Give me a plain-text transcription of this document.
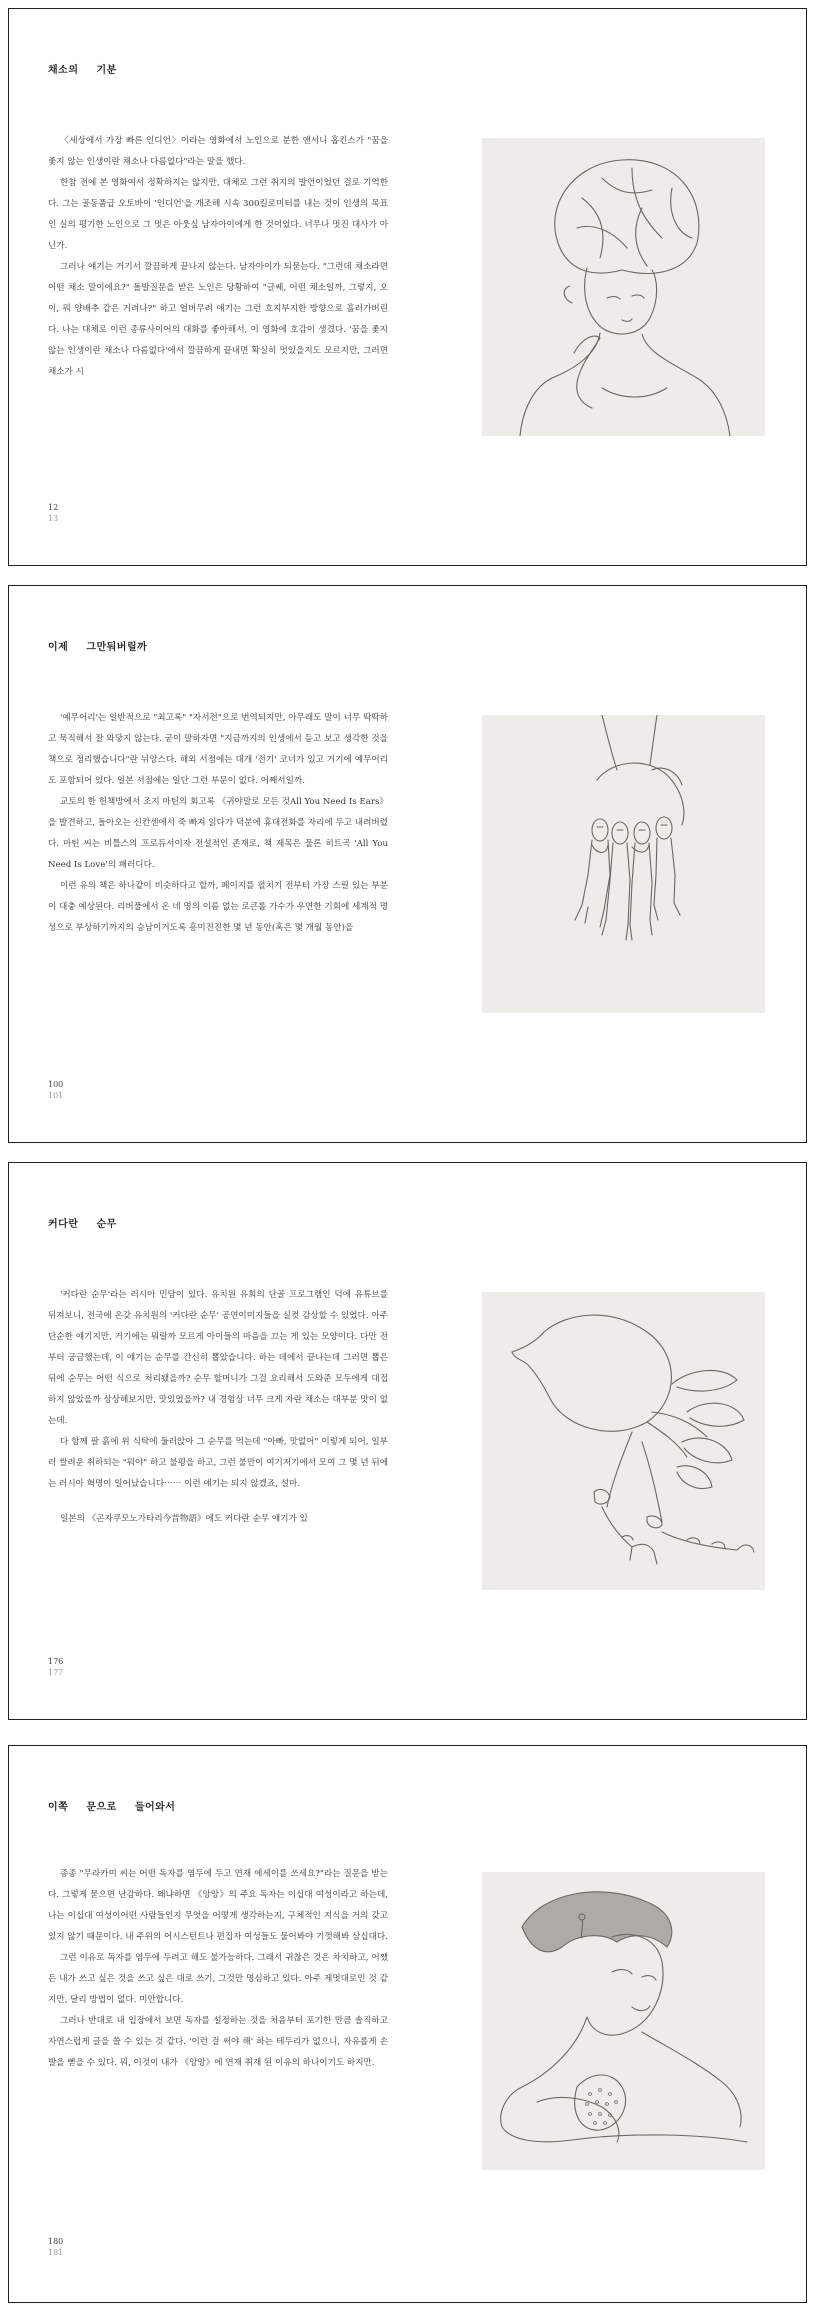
채소의 기분

〈세상에서 가장 빠른 인디언〉이라는 영화에서 노인으로 분한 앤서니 홉킨스가 "꿈을 좇지 않는 인생이란 채소나 다름없다"라는 말을 했다.

한참 전에 본 영화여서 정확하지는 않지만, 대체로 그런 취지의 발언이었던 걸로 기억한다. 그는 골동품급 오토바이 '인디언'을 개조해 시속 300킬로미터를 내는 것이 인생의 목표인 실의 평기한 노인으로 그 멋은 아웃싶 남자아이에게 한 것이었다. 너무나 멋진 대사가 아닌가.

그러나 얘기는 거기서 깔끔하게 끝나지 않는다. 남자아이가 되묻는다. "그런데 채소라면 어떤 채소 말이에요?" 돌발질문을 받은 노인은 당황하여 "글쎄, 어떤 채소일까, 그렇지, 오이, 뭐 양배추 같은 거려나?" 하고 얼버무려 얘기는 그런 흐지부지한 방향으로 흘러가버린다. 나는 대체로 이런 종류사이어의 대화를 좋아해서, 이 영화에 호감이 생겼다. '꿈을 좇지 않는 인생이란 채소나 다름없다'에서 깔끔하게 끝내면 확실히 멋있을지도 모르지만, 그러면 채소가 시

12
13
이제 그만둬버릴까

'예무어리'는 일반적으로 "최고록" "자서전"으로 번역되지만, 아무래도 말이 너무 딱딱하고 묵직해서 잘 와닿지 않는다. 굳이 말하자면 "지금까지의 인생에서 듣고 보고 생각한 것을 책으로 정리했습니다"란 뉘앙스다. 해외 서점에는 대개 '전기' 코너가 있고 거기에 예무어리도 포함되어 있다. 일본 서점에는 일단 그런 부문이 없다. 어째서일까.

교토의 한 헌책방에서 조지 마틴의 회고록 《귀야말로 모든 것All You Need Is Ears》을 발견하고, 돌아오는 신칸센에서 죽 빠져 읽다가 덕분에 휴대전화를 자리에 두고 내려버렸다. 마틴 씨는 비틀스의 프로듀서이자 전설적인 존재로, 책 제목은 물론 히트곡 'All You Need Is Love'의 패러디다.

이런 유의 책은 하나같이 비슷하다고 할까, 페이지를 펼치기 전부터 가장 스릴 있는 부분이 대충 예상된다. 리버풀에서 온 네 명의 이름 없는 로큰롤 가수가 우연한 기회에 세계적 명성으로 부상하기까지의 승남이거도록 흥미진진한 몇 년 동안(혹은 몇 개월 동안)을

100
101
커다란 순무

'커다란 순무'라는 러시아 민담이 있다. 유치원 유희의 단골 프로그램인 덕에 유튜브를 뒤져보니, 전국에 온갖 유치원의 '커다란 순무' 공연이미지들을 실컷 감상할 수 있었다. 아주 단순한 얘기지만, 거기에는 뭐랄까 모르게 아이들의 마음을 끄는 게 있는 모양이다. 다만 전부터 궁금했는데, 이 얘기는 순무를 간신히 뽑았습니다. 하는 데에서 끝나는데 그러면 뽑은 뒤에 순무는 어떤 식으로 처리됐을까? 순무 할머니가 그걸 요리해서 도와준 모두에게 대접하지 않았을까 상상해보지만, 맛있었을까? 내 경험상 너무 크게 자란 채소는 대부분 맛이 없는데.

다 함께 팔 흙에 위 식탁에 둘러앉아 그 순무를 먹는데 "아빠, 맛없어" 이렇게 되어, 일부러 쌀려운 취하되는 "뭐야" 하고 불평을 하고, 그런 불만이 여기저기에서 모여 그 몇 년 뒤에는 러시아 혁명이 일어났습니다⋯⋯ 이런 얘기는 되지 않겠죠, 설마.

일본의 《곤자쿠모노가타리今昔物語》에도 커다란 순무 얘기가 있

176
177
이쪽 문으로 들어와서

종종 "무라카미 씨는 어떤 독자를 염두에 두고 연재 에세이를 쓰세요?"라는 질문을 받는다. 그렇게 묻으면 난감하다. 왜냐하면 《앙앙》의 주요 독자는 이십대 여성이라고 하는데, 나는 이십대 여성이어떤 사람들인지 무엇을 어떻게 생각하는지, 구체적인 지식을 거의 갖고 있지 않기 때문이다. 내 주위의 어시스턴트나 편집자 여성들도 물어봐야 기껏해봐 삼십대다.

그런 이유로 독자를 염두에 두려고 해도 불가능하다. 그래서 귀찮은 것은 차치하고, 어쨌든 내가 쓰고 싶은 것을 쓰고 싶은 대로 쓰기, 그것만 명심하고 있다. 아주 제멋대로인 것 같지만, 달리 방법이 없다. 미안합니다.

그러나 반대로 내 입장에서 보면 독자를 설정하는 것을 처음부터 포기한 만큼 솔직하고 자연스럽게 글을 쓸 수 있는 것 같다. '이런 걸 써야 해' 하는 테두리가 없으니, 자유롭게 손발을 뻗을 수 있다. 뭐, 이것이 내가 《앙앙》에 연재 취재 된 이유의 하나이기도 하지만.

180
181
